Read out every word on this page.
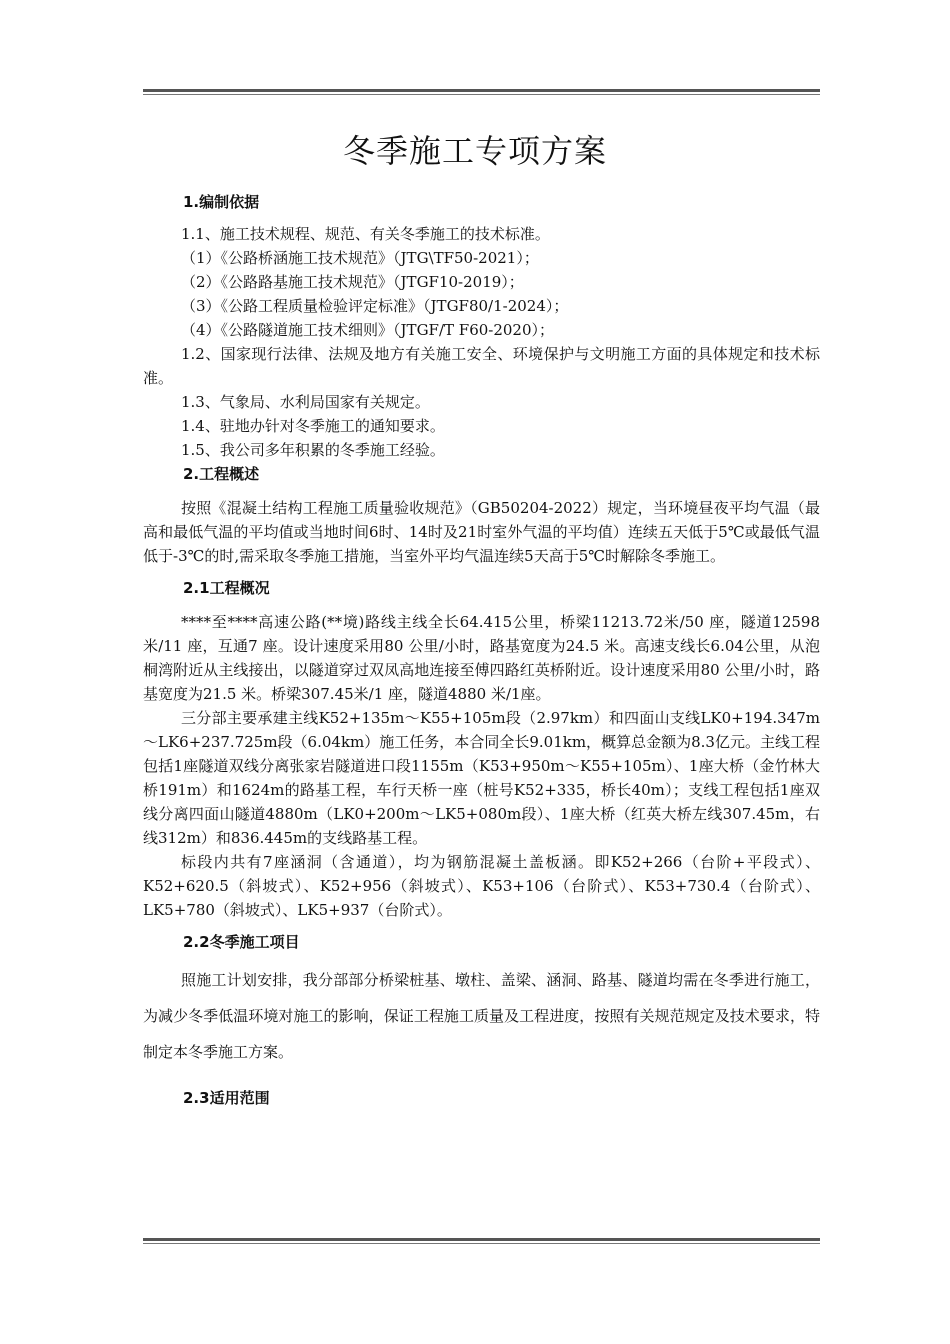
冬季施工专项方案

1.编制依据

1.1、施工技术规程、规范、有关冬季施工的技术标准。

（1）《公路桥涵施工技术规范》（JTG\TF50-2021）；

（2）《公路路基施工技术规范》（JTGF10-2019）；

（3）《公路工程质量检验评定标准》（JTGF80/1-2024）；

（4）《公路隧道施工技术细则》（JTGF/T F60-2020）；

1.2、国家现行法律、法规及地方有关施工安全、环境保护与文明施工方面的具体规定和技术标准。

1.3、气象局、水利局国家有关规定。

1.4、驻地办针对冬季施工的通知要求。

1.5、我公司多年积累的冬季施工经验。

2.工程概述

按照《混凝土结构工程施工质量验收规范》（GB50204-2022）规定，当环境昼夜平均气温（最高和最低气温的平均值或当地时间6时、14时及21时室外气温的平均值）连续五天低于5℃或最低气温低于-3℃的时,需采取冬季施工措施，当室外平均气温连续5天高于5℃时解除冬季施工。

2.1工程概况

****至****高速公路(**境)路线主线全长64.415公里，桥梁11213.72米/50 座，隧道12598米/11 座，互通7 座。设计速度采用80 公里/小时，路基宽度为24.5 米。高速支线长6.04公里，从泡桐湾附近从主线接出，以隧道穿过双凤高地连接至傅四路红英桥附近。设计速度采用80 公里/小时，路基宽度为21.5 米。桥梁307.45米/1 座，隧道4880 米/1座。

三分部主要承建主线K52+135m～K55+105m段（2.97km）和四面山支线LK0+194.347m～LK6+237.725m段（6.04km）施工任务，本合同全长9.01km，概算总金额为8.3亿元。主线工程包括1座隧道双线分离张家岩隧道进口段1155m（K53+950m～K55+105m）、1座大桥（金竹林大桥191m）和1624m的路基工程，车行天桥一座（桩号K52+335，桥长40m）；支线工程包括1座双线分离四面山隧道4880m（LK0+200m～LK5+080m段）、1座大桥（红英大桥左线307.45m，右线312m）和836.445m的支线路基工程。

标段内共有7座涵洞（含通道），均为钢筋混凝土盖板涵。即K52+266（台阶+平段式）、K52+620.5（斜坡式）、K52+956（斜坡式）、K53+106（台阶式）、K53+730.4（台阶式）、LK5+780（斜坡式）、LK5+937（台阶式）。

2.2冬季施工项目

照施工计划安排，我分部部分桥梁桩基、墩柱、盖梁、涵洞、路基、隧道均需在冬季进行施工，为减少冬季低温环境对施工的影响，保证工程施工质量及工程进度，按照有关规范规定及技术要求，特制定本冬季施工方案。

2.3适用范围
